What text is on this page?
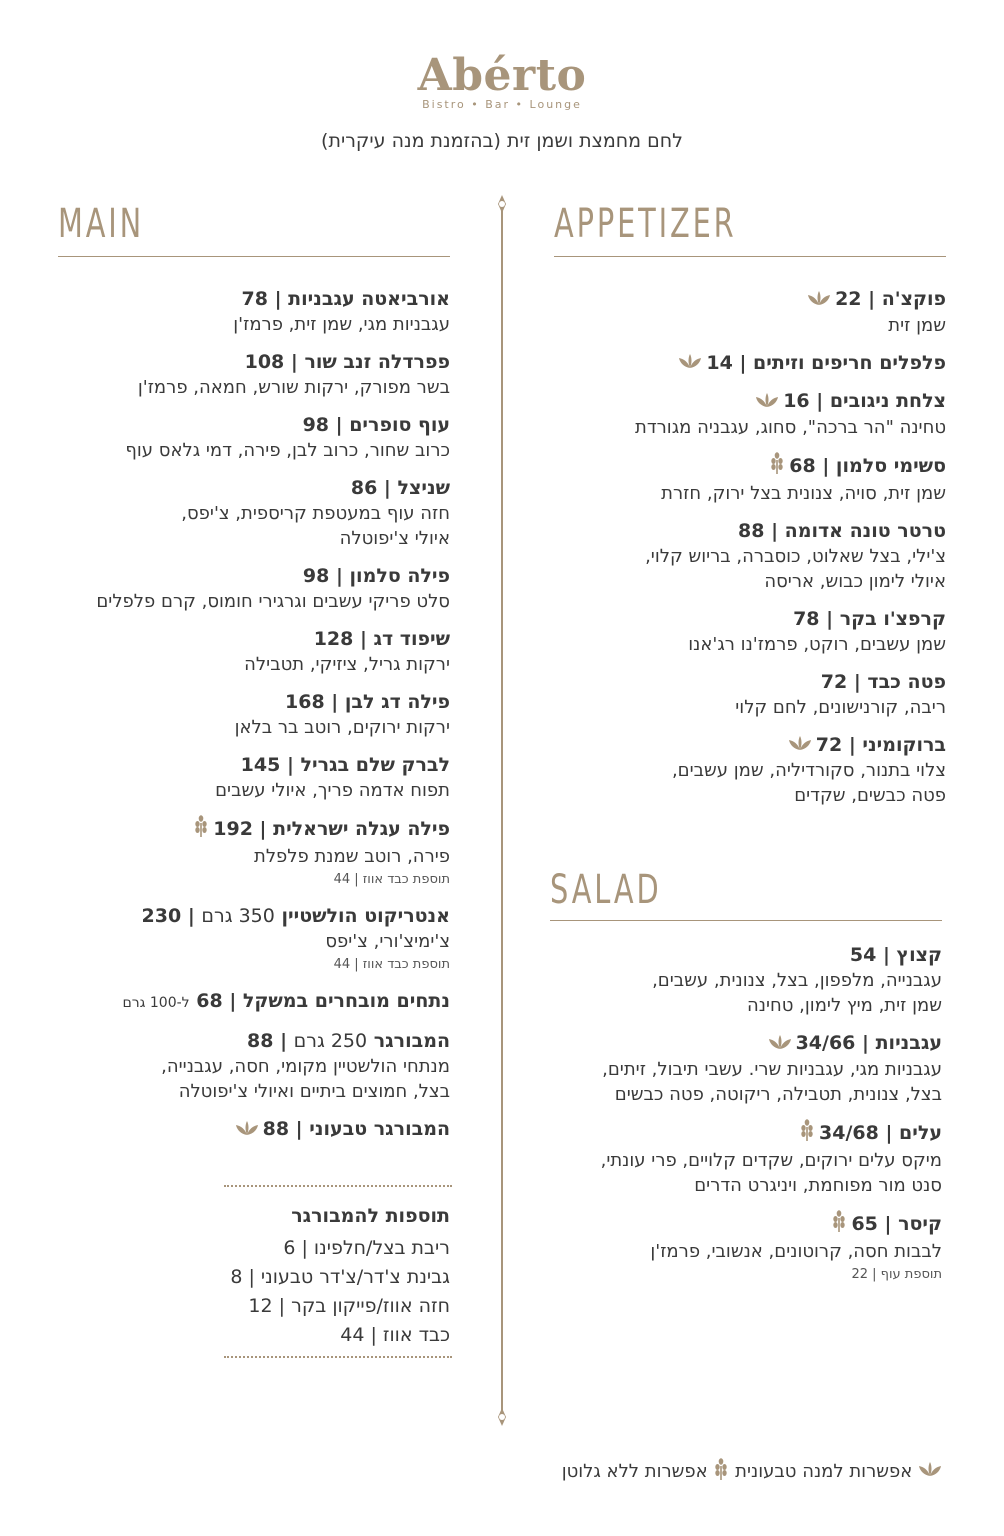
Abérto
Bistro • Bar • Lounge
לחם מחמצת ושמן זית (בהזמנת מנה עיקרית)
MAIN	APPETIZER
SALAD
פוקצ'ה | 22
שמן זית
פלפלים חריפים וזיתים | 14
צלחת ניגובים | 16
טחינה "הר ברכה", סחוג, עגבניה מגורדת
סשימי סלמון | 68
שמן זית, סויה, צנונית בצל ירוק, חזרת
טרטר טונה אדומה | 88
צ'ילי, בצל שאלוט, כוסברה, בריוש קלוי,
איולי לימון כבוש, אריסה
קרפצ'ו בקר | 78
שמן עשבים, רוקט, פרמז'נו רג'אנו
פטה כבד | 72
ריבה, קורנישונים, לחם קלוי
ברוקומיני | 72
צלוי בתנור, סקורדיליה, שמן עשבים,
פטה כבשים, שקדים
קצוץ | 54
עגבנייה, מלפפון, בצל, צנונית, עשבים,
שמן זית, מיץ לימון, טחינה
עגבניות | 34/66
עגבניות מגי, עגבניות שרי. עשבי תיבול, זיתים,
בצל, צנונית, תטבילה, ריקוטה, פטה כבשים
עלים | 34/68
מיקס עלים ירוקים, שקדים קלויים, פרי עונתי,
סנט מור מפוחמת, ויניגרט הדרים
קיסר | 65
לבבות חסה, קרוטונים, אנשובי, פרמז'ן
תוספת עוף | 22
אורביאטה עגבניות | 78
עגבניות מגי, שמן זית, פרמז'ן
פפרדלה זנב שור | 108
בשר מפורק, ירקות שורש, חמאה, פרמז'ן
עוף סופרים | 98
כרוב שחור, כרוב לבן, פירה, דמי גלאס עוף
שניצל | 86
חזה עוף במעטפת קריספית, צ'יפס,
איולי צ'יפוטלה
פילה סלמון | 98
סלט פריקי עשבים וגרגירי חומוס, קרם פלפלים
שיפוד דג | 128
ירקות גריל, ציזיקי, תטבילה
פילה דג לבן | 168
ירקות ירוקים, רוטב בר בלאן
לברק שלם בגריל | 145
תפוח אדמה פריך, איולי עשבים
פילה עגלה ישראלית | 192
פירה, רוטב שמנת פלפלת
תוספת כבד אווז | 44
אנטריקוט הולשטיין 350 גרם | 230
צ'ימיצ'ורי, צ'יפס
תוספת כבד אווז | 44
נתחים מובחרים במשקל | 68 ל-100 גרם
המבורגר 250 גרם | 88
מנתחי הולשטיין מקומי, חסה, עגבנייה,
בצל, חמוצים ביתיים ואיולי צ'יפוטלה
המבורגר טבעוני | 88
תוספות להמבורגר
ריבת בצל/חלפינו | 6
גבינת צ'דר/צ'דר טבעוני | 8
חזה אווז/פייקון בקר | 12
כבד אווז | 44
אפשרות למנה טבעונית  אפשרות ללא גלוטן
